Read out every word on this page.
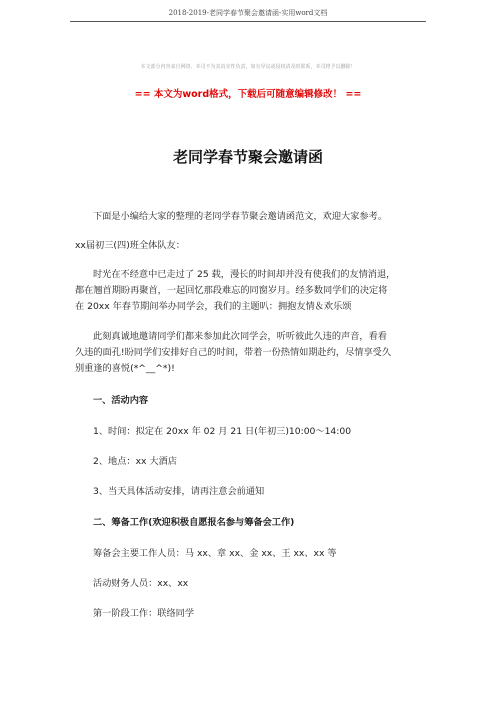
2018-2019-老同学春节聚会邀请函-实用word文档
本文部分内容来自网络，本司不为其真实性负责，如有异议或侵权请及时联系，本司将予以删除！
== 本文为word格式，下载后可随意编辑修改！ ==
老同学春节聚会邀请函
下面是小编给大家的整理的老同学春节聚会邀请函范文，欢迎大家参考。
xx届初三(四)班全体队友：
时光在不经意中已走过了 25 载，漫长的时间却并没有使我们的友情消退，
都在翘首期盼再聚首，一起回忆那段难忘的同窗岁月。经多数同学们的决定将
在 20xx 年春节期间举办同学会，我们的主题叭：拥抱友情＆欢乐颂
此刻真诚地邀请同学们都来参加此次同学会，听听彼此久违的声音，看看
久违的面孔!盼同学们安排好自己的时间，带着一份热情如期赴约，尽情享受久
别重逢的喜悦(*^__^*)!
一、活动内容
1、时间：拟定在 20xx 年 02 月 21 日(年初三)10:00～14:00
2、地点：xx 大酒店
3、当天具体活动安排，请再注意会前通知
二、筹备工作(欢迎积极自愿报名参与筹备会工作)
筹备会主要工作人员：马 xx、章 xx、金 xx、王 xx、xx 等
活动财务人员：xx、xx
第一阶段工作：联络同学
